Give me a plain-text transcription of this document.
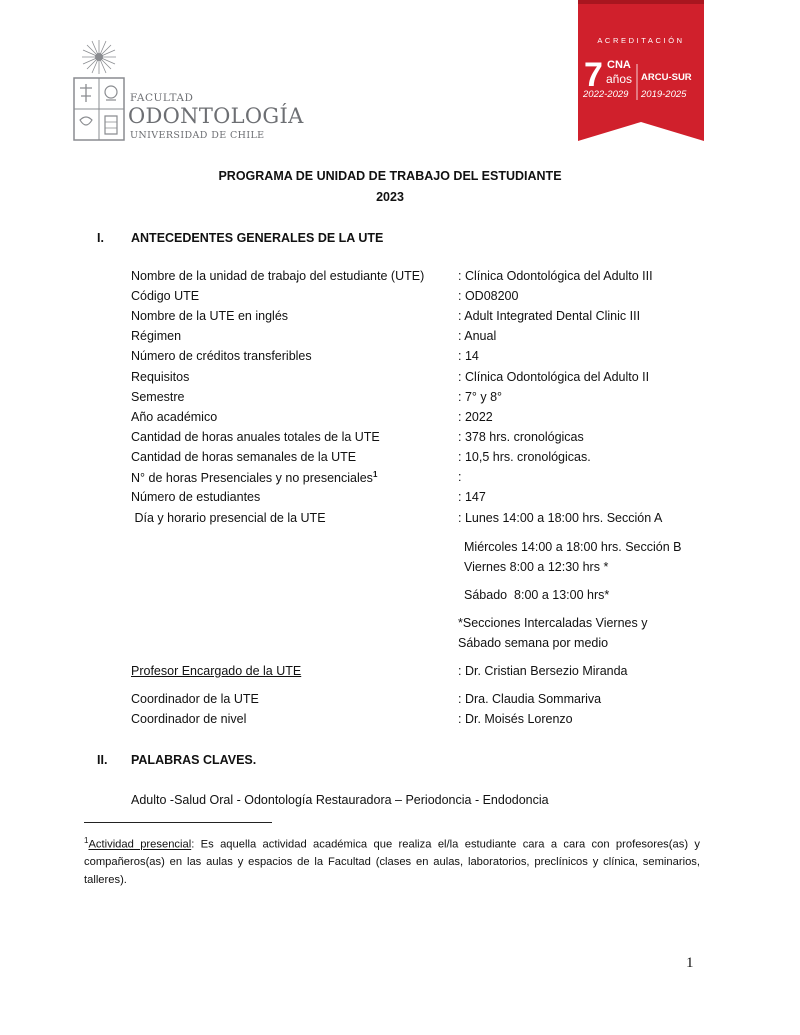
FACULTAD
ODONTOLOGÍA
UNIVERSIDAD DE CHILE
ACREDITACIÓN
7 CNA
años
2022-2029
ARCU-SUR
2019-2025
PROGRAMA DE UNIDAD DE TRABAJO DEL ESTUDIANTE
2023
I. ANTECEDENTES GENERALES DE LA UTE
Nombre de la unidad de trabajo del estudiante (UTE)	: Clínica Odontológica del Adulto III
Código UTE	: OD08200
Nombre de la UTE en inglés	: Adult Integrated Dental Clinic III
Régimen	: Anual
Número de créditos transferibles	: 14
Requisitos	: Clínica Odontológica del Adulto II
Semestre	: 7° y 8°
Año académico	: 2022
Cantidad de horas anuales totales de la UTE	: 378 hrs. cronológicas
Cantidad de horas semanales de la UTE	: 10,5 hrs. cronológicas.
N° de horas Presenciales y no presenciales$^1$	:
Número de estudiantes	: 147
Día y horario presencial de la UTE	: Lunes 14:00 a 18:00 hrs. Sección A
Miércoles 14:00 a 18:00 hrs. Sección B
Viernes 8:00 a 12:30 hrs *
Sábado  8:00 a 13:00 hrs*
*Secciones Intercaladas Viernes y
Sábado semana por medio
Profesor Encargado de la UTE	: Dr. Cristian Bersezio Miranda
Coordinador de la UTE	: Dra. Claudia Sommariva
Coordinador de nivel	: Dr. Moisés Lorenzo
II. PALABRAS CLAVES.
Adulto -Salud Oral - Odontología Restauradora – Periodoncia - Endodoncia
$^1$Actividad presencial: Es aquella actividad académica que realiza el/la estudiante cara a cara con profesores(as) y compañeros(as) en las aulas y espacios de la Facultad (clases en aulas, laboratorios, preclínicos y clínica, seminarios, talleres).
1
